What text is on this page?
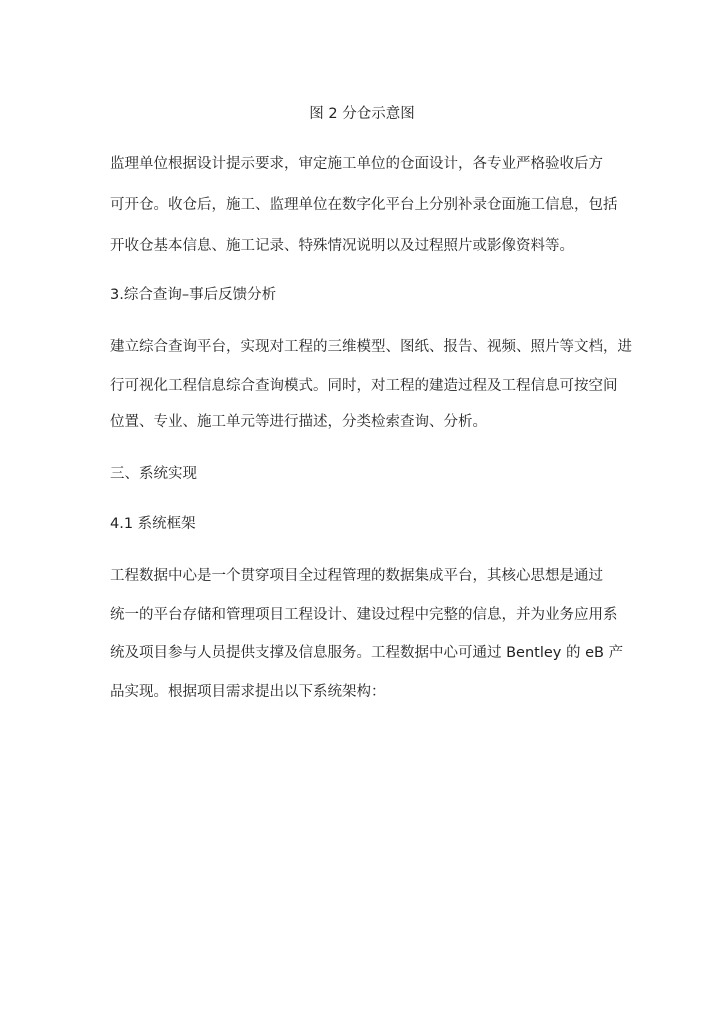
图 2 分仓示意图
监理单位根据设计提示要求，审定施工单位的仓面设计，各专业严格验收后方
可开仓。收仓后，施工、监理单位在数字化平台上分别补录仓面施工信息，包括
开收仓基本信息、施工记录、特殊情况说明以及过程照片或影像资料等。
3.综合查询–事后反馈分析
建立综合查询平台，实现对工程的三维模型、图纸、报告、视频、照片等文档，进
行可视化工程信息综合查询模式。同时，对工程的建造过程及工程信息可按空间
位置、专业、施工单元等进行描述，分类检索查询、分析。
三、系统实现
4.1 系统框架
工程数据中心是一个贯穿项目全过程管理的数据集成平台，其核心思想是通过
统一的平台存储和管理项目工程设计、建设过程中完整的信息，并为业务应用系
统及项目参与人员提供支撑及信息服务。工程数据中心可通过 Bentley 的 eB 产
品实现。根据项目需求提出以下系统架构：
